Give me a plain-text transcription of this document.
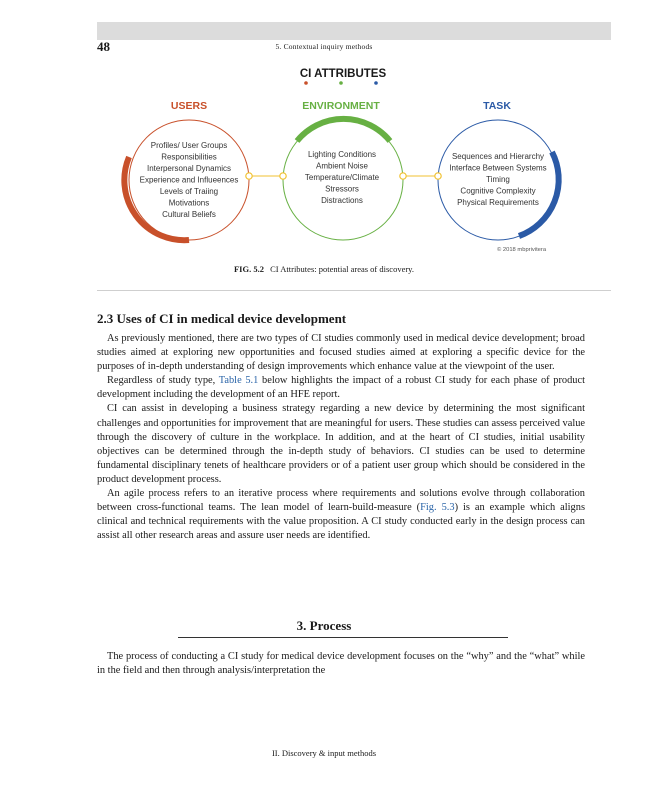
48	5. Contextual inquiry methods
CI ATTRIBUTES
USERS	ENVIRONMENT	TASK
Profiles/ User Groups
Responsibilities
Interpersonal Dynamics
Experience and Influeences
Levels of Traiing
Motivations
Cultural Beliefs
Lighting Conditions
Ambient Noise
Temperature/Climate
Stressors
Distractions
Sequences and Hierarchy
Interface Between Systems
Timing
Cognitive Complexity
Physical Requirements
© 2018 mbprivitera
FIG. 5.2 CI Attributes: potential areas of discovery.
2.3 Uses of CI in medical device development

As previously mentioned, there are two types of CI studies commonly used in medical device development; broad studies aimed at exploring new opportunities and focused studies aimed at exploring a specific device for the purposes of in-depth understanding of design improvements which enhance value at the viewpoint of the user.

Regardless of study type, Table 5.1 below highlights the impact of a robust CI study for each phase of product development including the development of an HFE report.

CI can assist in developing a business strategy regarding a new device by determining the most significant challenges and opportunities for improvement that are meaningful for users. These studies can assess perceived value through the discovery of culture in the workplace. In addition, and at the heart of CI studies, initial usability objectives can be determined through the in-depth study of behaviors. CI studies can be used to determine fundamental disciplinary tenets of healthcare providers or of a patient user group which should be considered in the product development process.

An agile process refers to an iterative process where requirements and solutions evolve through collaboration between cross-functional teams. The lean model of learn-build-measure (Fig. 5.3) is an example which aligns clinical and technical requirements with the value proposition. A CI study conducted early in the design process can assist all other research areas and assure user needs are identified.

3. Process

The process of conducting a CI study for medical device development focuses on the “why” and the “what” while in the field and then through analysis/interpretation the

II. Discovery & input methods
